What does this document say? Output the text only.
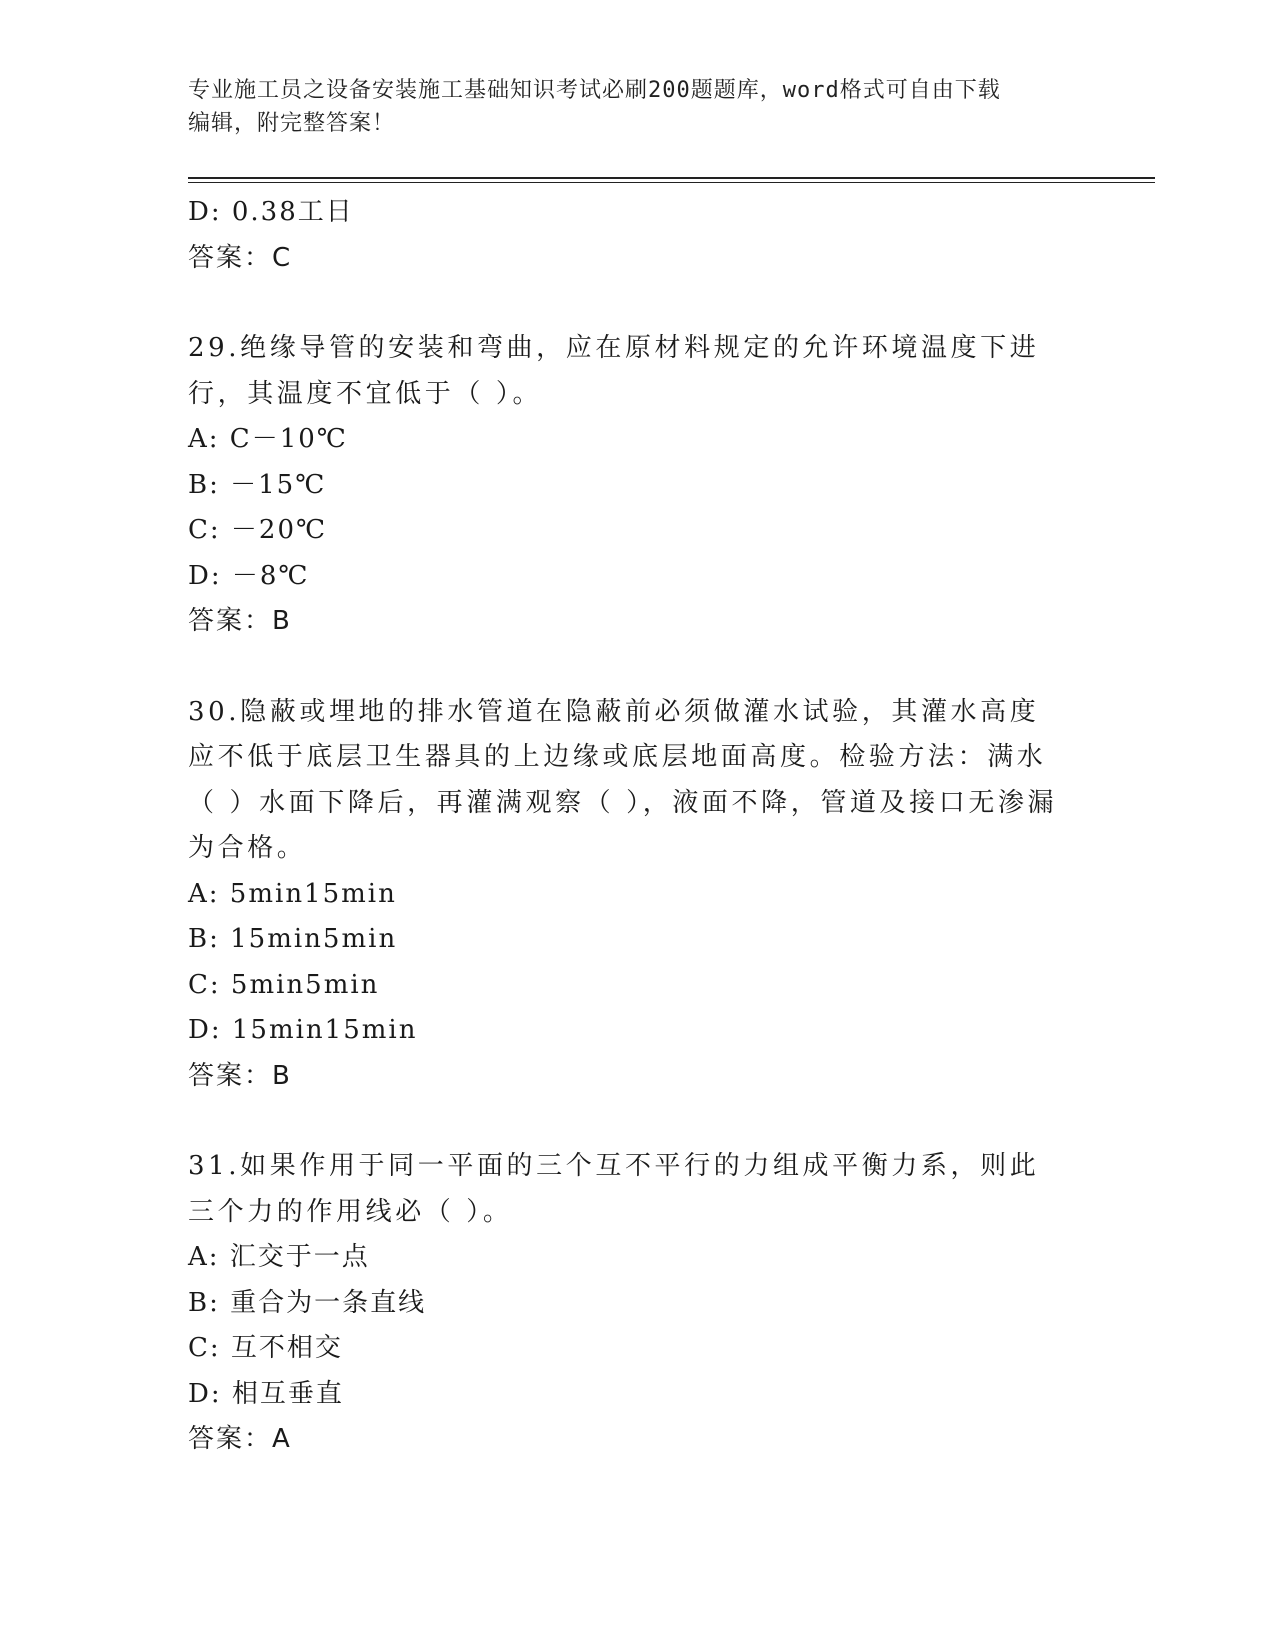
专业施工员之设备安装施工基础知识考试必刷200题题库，word格式可自由下载
编辑，附完整答案！
D: 0.38工日
答案：C
29.绝缘导管的安装和弯曲，应在原材料规定的允许环境温度下进行，其温度不宜低于（ ）。
A: C－10℃
B: －15℃
C: －20℃
D: －8℃
答案：B
30.隐蔽或埋地的排水管道在隐蔽前必须做灌水试验，其灌水高度应不低于底层卫生器具的上边缘或底层地面高度。检验方法：满水（ ）水面下降后，再灌满观察（ ），液面不降，管道及接口无渗漏为合格。
A: 5min15min
B: 15min5min
C: 5min5min
D: 15min15min
答案：B
31.如果作用于同一平面的三个互不平行的力组成平衡力系，则此三个力的作用线必（ ）。
A: 汇交于一点
B: 重合为一条直线
C: 互不相交
D: 相互垂直
答案：A
